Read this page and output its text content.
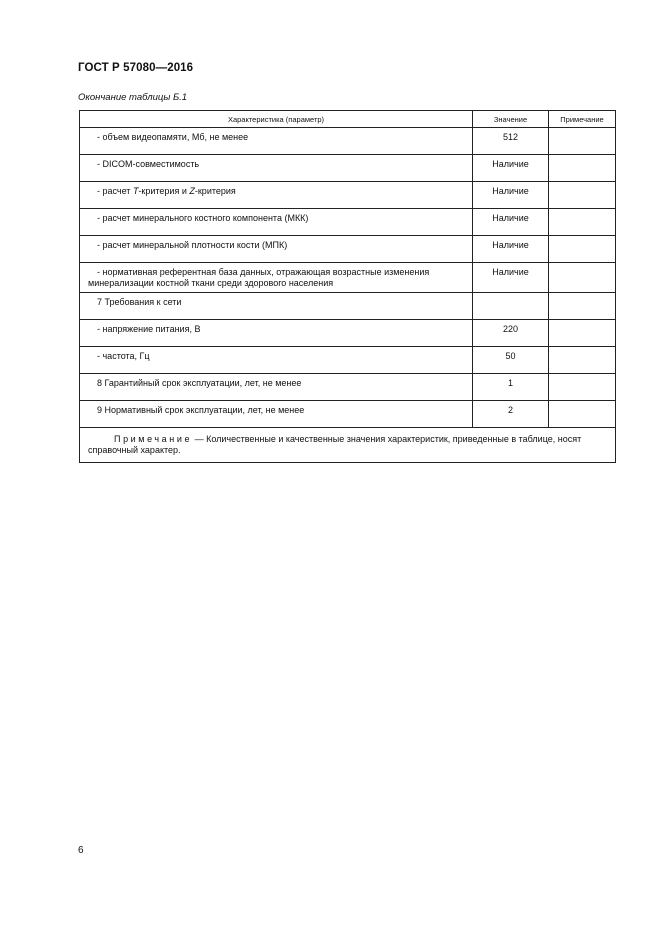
ГОСТ Р 57080—2016
Окончание таблицы Б.1
Характеристика (параметр)	Значение	Примечание
- объем видеопамяти, Мб, не менее	512	
- DICOM-совместимость	Наличие	
- расчет Т-критерия и Z-критерия	Наличие	
- расчет минерального костного компонента (МКК)	Наличие	
- расчет минеральной плотности кости (МПК)	Наличие	
- нормативная референтная база данных, отражающая возрастные изменения минерализации костной ткани среди здорового населения	Наличие	
7 Требования к сети		
- напряжение питания, В	220	
- частота, Гц	50	
8 Гарантийный срок эксплуатации, лет, не менее	1	
9 Нормативный срок эксплуатации, лет, не менее	2	
Примечание — Количественные и качественные значения характеристик, приведенные в таблице, носят справочный характер.		
6
